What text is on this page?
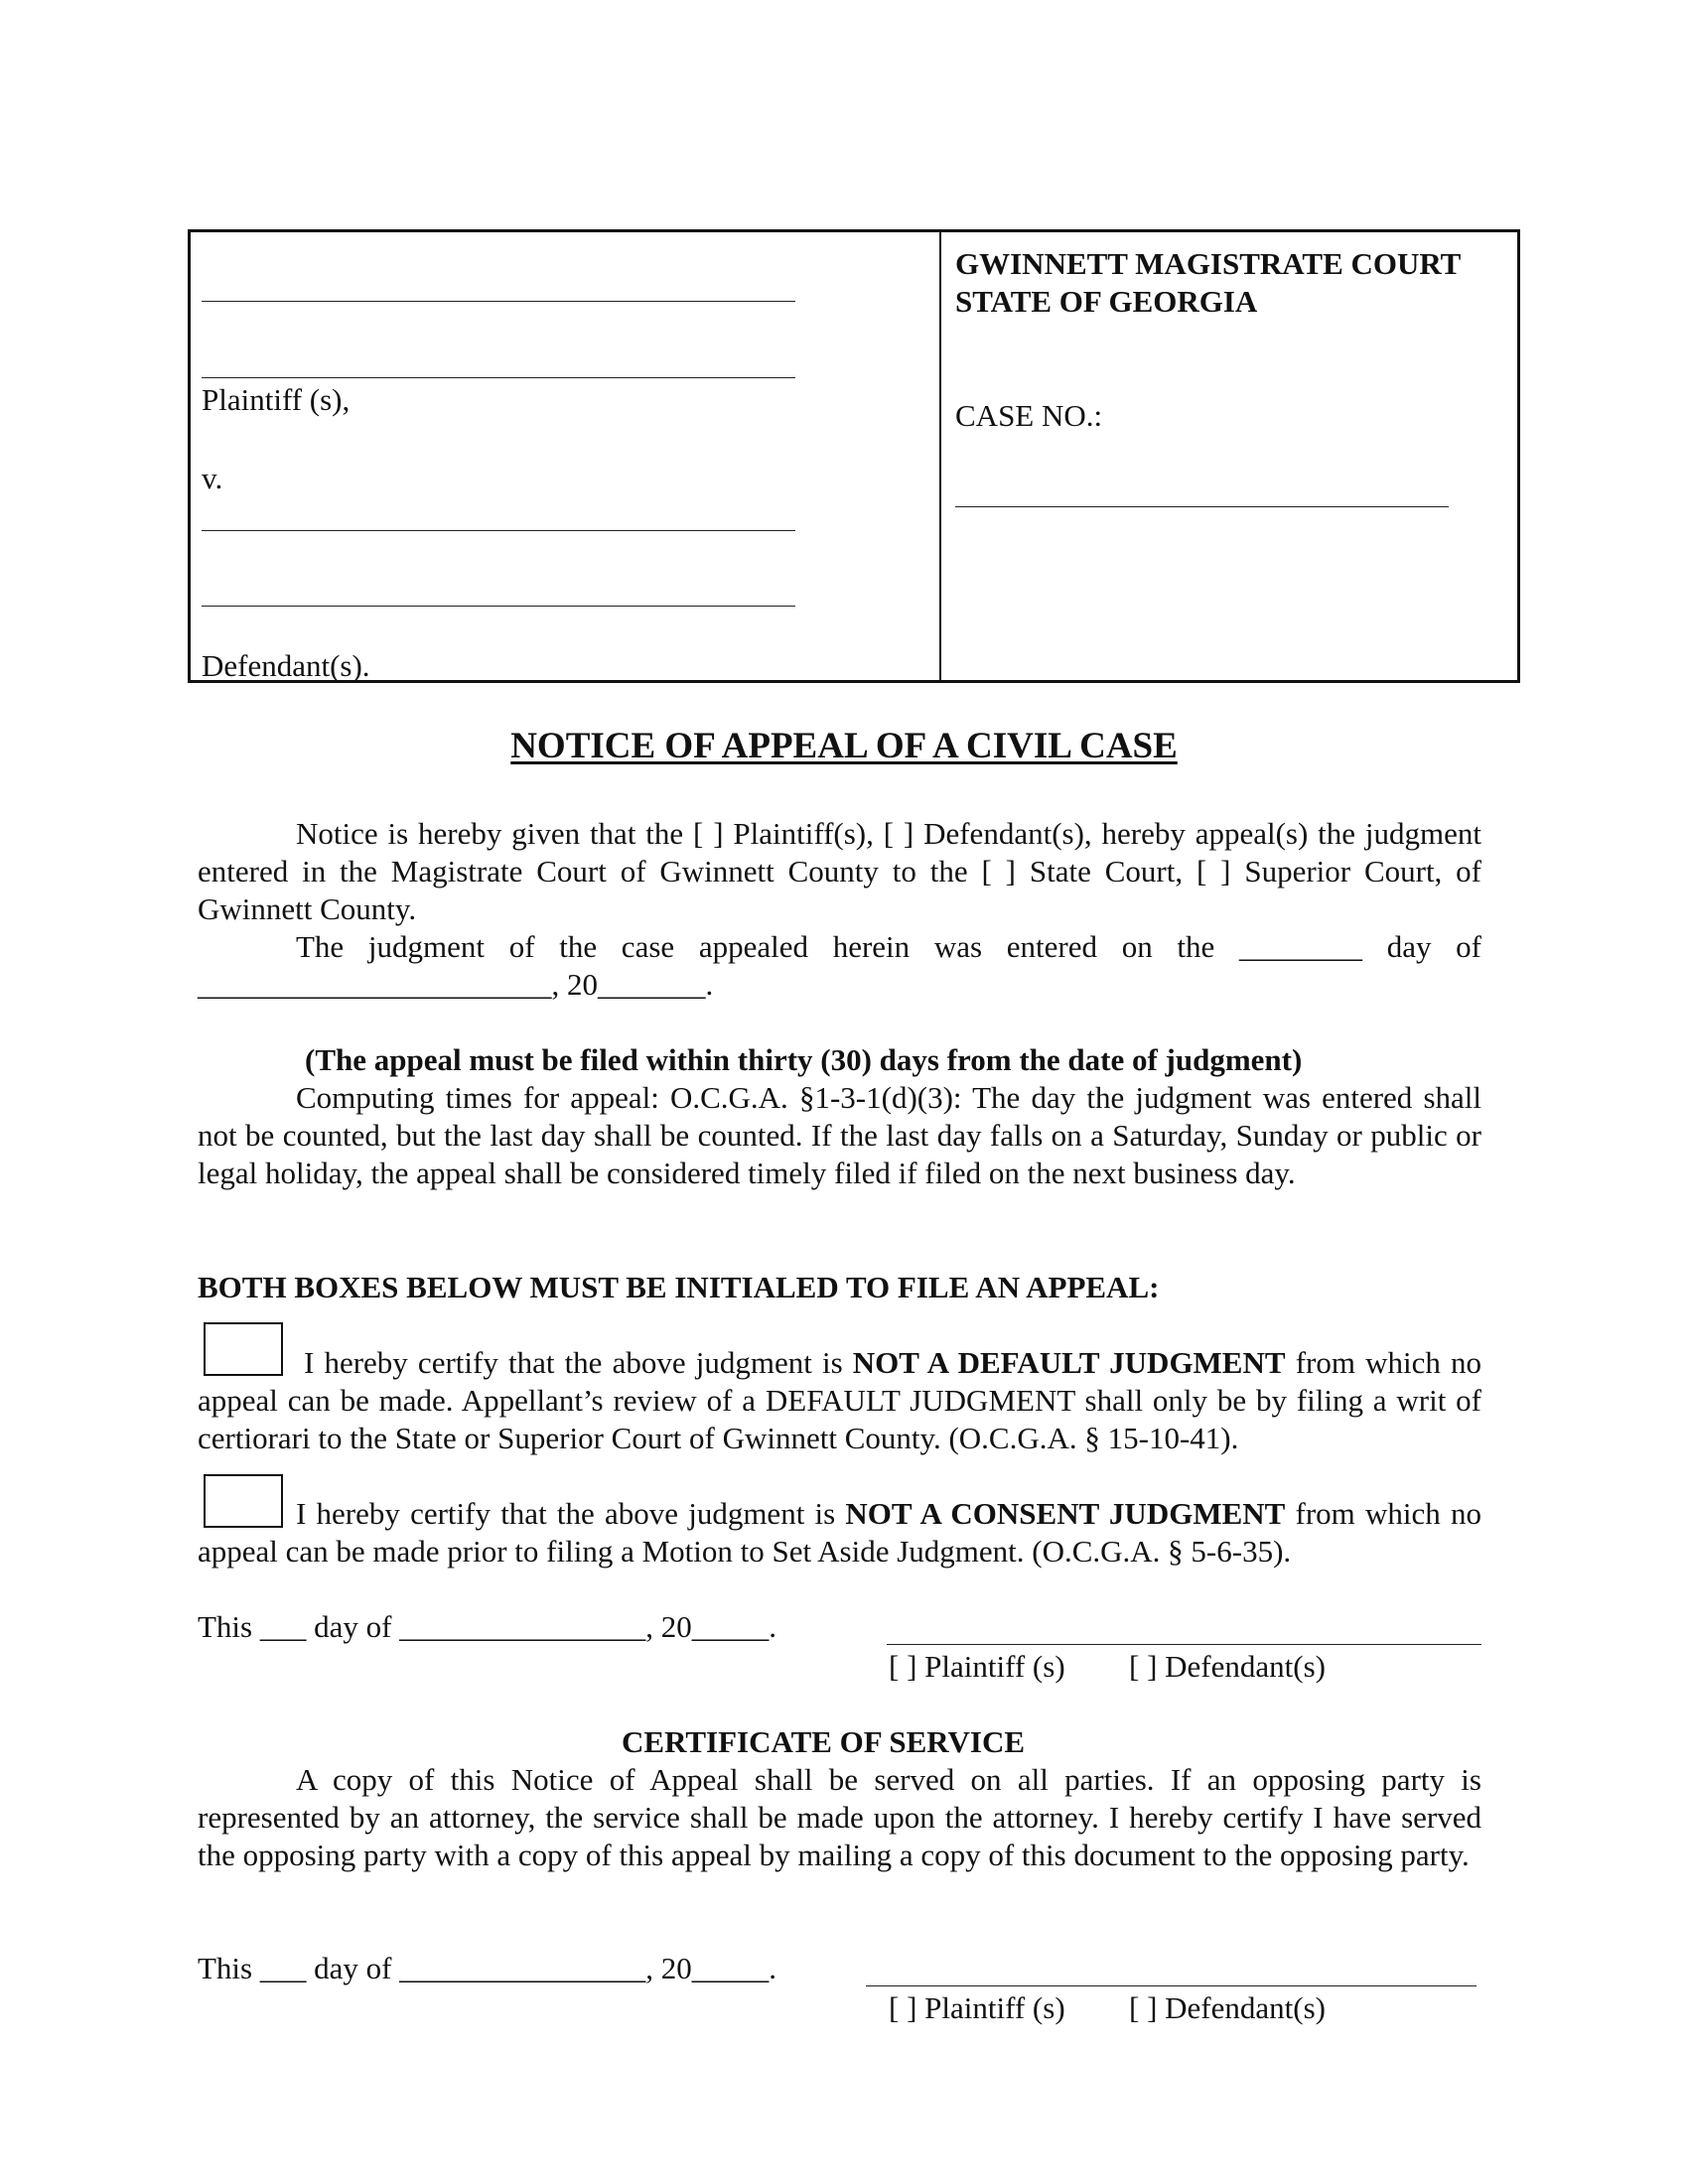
Plaintiff (s),
v.
Defendant(s).
GWINNETT MAGISTRATE COURT
STATE OF GEORGIA
CASE NO.:
NOTICE OF APPEAL OF A CIVIL CASE
Notice is hereby given that the [ ] Plaintiff(s), [ ] Defendant(s), hereby appeal(s) the judgment entered in the Magistrate Court of Gwinnett County to the [ ] State Court, [ ] Superior Court, of Gwinnett County.
The judgment of the case appealed herein was entered on the ________ day of
_______________________, 20_______.
(The appeal must be filed within thirty (30) days from the date of judgment)
Computing times for appeal: O.C.G.A. §1-3-1(d)(3): The day the judgment was entered shall not be counted, but the last day shall be counted. If the last day falls on a Saturday, Sunday or public or legal holiday, the appeal shall be considered timely filed if filed on the next business day.
BOTH BOXES BELOW MUST BE INITIALED TO FILE AN APPEAL:
I hereby certify that the above judgment is NOT A DEFAULT JUDGMENT from which no appeal can be made. Appellant’s review of a DEFAULT JUDGMENT shall only be by filing a writ of certiorari to the State or Superior Court of Gwinnett County. (O.C.G.A. § 15-10-41).
I hereby certify that the above judgment is NOT A CONSENT JUDGMENT from which no appeal can be made prior to filing a Motion to Set Aside Judgment. (O.C.G.A. § 5-6-35).
This ___ day of ________________, 20_____.
[ ] Plaintiff (s) [ ] Defendant(s)
CERTIFICATE OF SERVICE
A copy of this Notice of Appeal shall be served on all parties. If an opposing party is represented by an attorney, the service shall be made upon the attorney. I hereby certify I have served the opposing party with a copy of this appeal by mailing a copy of this document to the opposing party.
This ___ day of ________________, 20_____.
[ ] Plaintiff (s) [ ] Defendant(s)
